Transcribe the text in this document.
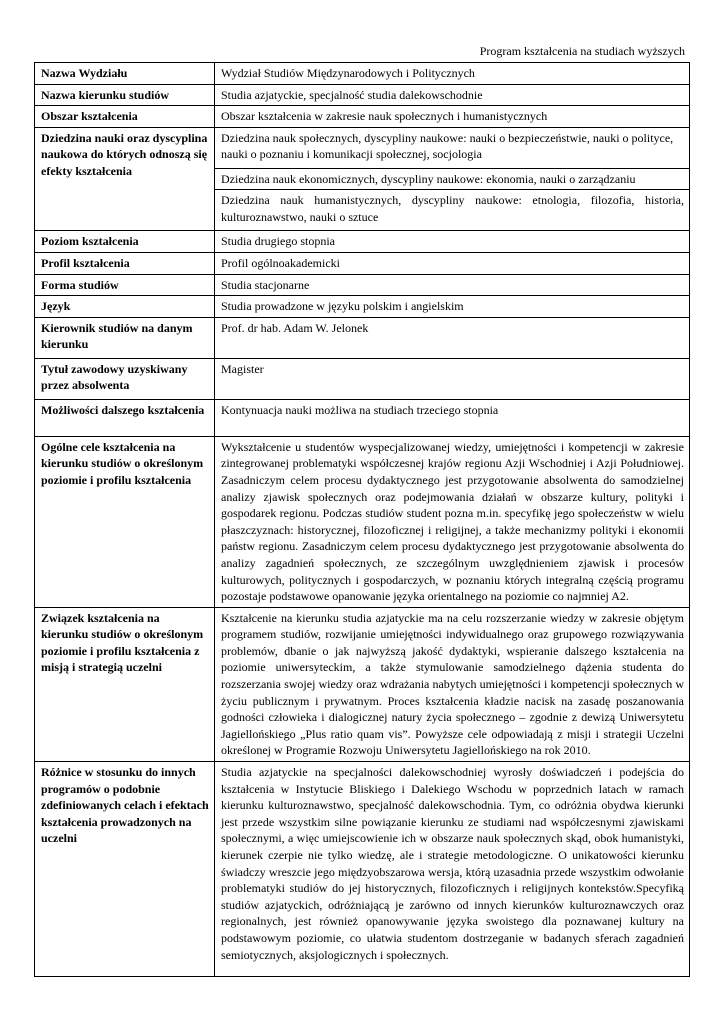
Program kształcenia na studiach wyższych
Nazwa Wydziału	Wydział Studiów Międzynarodowych i Politycznych
Nazwa kierunku studiów	Studia azjatyckie, specjalność studia dalekowschodnie
Obszar kształcenia	Obszar kształcenia w zakresie nauk społecznych i humanistycznych
Dziedzina nauki oraz dyscyplina naukowa do których odnoszą się efekty kształcenia	Dziedzina nauk społecznych, dyscypliny naukowe: nauki o bezpieczeństwie, nauki o polityce, nauki o poznaniu i komunikacji społecznej, socjologia
	Dziedzina nauk ekonomicznych, dyscypliny naukowe: ekonomia, nauki o zarządzaniu
	Dziedzina nauk humanistycznych, dyscypliny naukowe: etnologia, filozofia, historia, kulturoznawstwo, nauki o sztuce
Poziom kształcenia	Studia drugiego stopnia
Profil kształcenia	Profil ogólnoakademicki
Forma studiów	Studia stacjonarne
Język	Studia prowadzone w języku polskim i angielskim
Kierownik studiów na danym kierunku	Prof. dr hab. Adam W. Jelonek
Tytuł zawodowy uzyskiwany przez absolwenta	Magister
Możliwości dalszego kształcenia	Kontynuacja nauki możliwa na studiach trzeciego stopnia
Ogólne cele kształcenia na kierunku studiów o określonym poziomie i profilu kształcenia	Wykształcenie u studentów wyspecjalizowanej wiedzy, umiejętności i kompetencji w zakresie zintegrowanej problematyki współczesnej krajów regionu Azji Wschodniej i Azji Południowej. Zasadniczym celem procesu dydaktycznego jest przygotowanie absolwenta do samodzielnej analizy zjawisk społecznych oraz podejmowania działań w obszarze kultury, polityki i gospodarek regionu. Podczas studiów student pozna m.in. specyfikę jego społeczeństw w wielu płaszczyznach: historycznej, filozoficznej i religijnej, a także mechanizmy polityki i ekonomii państw regionu. Zasadniczym celem procesu dydaktycznego jest przygotowanie absolwenta do analizy zagadnień społecznych, ze szczególnym uwzględnieniem zjawisk i procesów kulturowych, politycznych i gospodarczych, w poznaniu których integralną częścią programu pozostaje podstawowe opanowanie języka orientalnego na poziomie co najmniej A2.
Związek kształcenia na kierunku studiów o określonym poziomie i profilu kształcenia z misją i strategią uczelni	Kształcenie na kierunku studia azjatyckie ma na celu rozszerzanie wiedzy w zakresie objętym programem studiów, rozwijanie umiejętności indywidualnego oraz grupowego rozwiązywania problemów, dbanie o jak najwyższą jakość dydaktyki, wspieranie dalszego kształcenia na poziomie uniwersyteckim, a także stymulowanie samodzielnego dążenia studenta do rozszerzania swojej wiedzy oraz wdrażania nabytych umiejętności i kompetencji społecznych w życiu publicznym i prywatnym. Proces kształcenia kładzie nacisk na zasadę poszanowania godności człowieka i dialogicznej natury życia społecznego – zgodnie z dewizą Uniwersytetu Jagiellońskiego „Plus ratio quam vis”. Powyższe cele odpowiadają z misji i strategii Uczelni określonej w Programie Rozwoju Uniwersytetu Jagiellońskiego na rok 2010.
Różnice w stosunku do innych programów o podobnie zdefiniowanych celach i efektach kształcenia prowadzonych na uczelni	Studia azjatyckie na specjalności dalekowschodniej wyrosły doświadczeń i podejścia do kształcenia w Instytucie Bliskiego i Dalekiego Wschodu w poprzednich latach w ramach kierunku kulturoznawstwo, specjalność dalekowschodnia. Tym, co odróżnia obydwa kierunki jest przede wszystkim silne powiązanie kierunku ze studiami nad współczesnymi zjawiskami społecznymi, a więc umiejscowienie ich w obszarze nauk społecznych skąd, obok humanistyki, kierunek czerpie nie tylko wiedzę, ale i strategie metodologiczne. O unikatowości kierunku świadczy wreszcie jego międzyobszarowa wersja, którą uzasadnia przede wszystkim odwołanie problematyki studiów do jej historycznych, filozoficznych i religijnych kontekstów.Specyfiką studiów azjatyckich, odróżniającą je zarówno od innych kierunków kulturoznawczych oraz regionalnych, jest również opanowywanie języka swoistego dla poznawanej kultury na podstawowym poziomie, co ułatwia studentom dostrzeganie w badanych sferach zagadnień semiotycznych, aksjologicznych i społecznych.
